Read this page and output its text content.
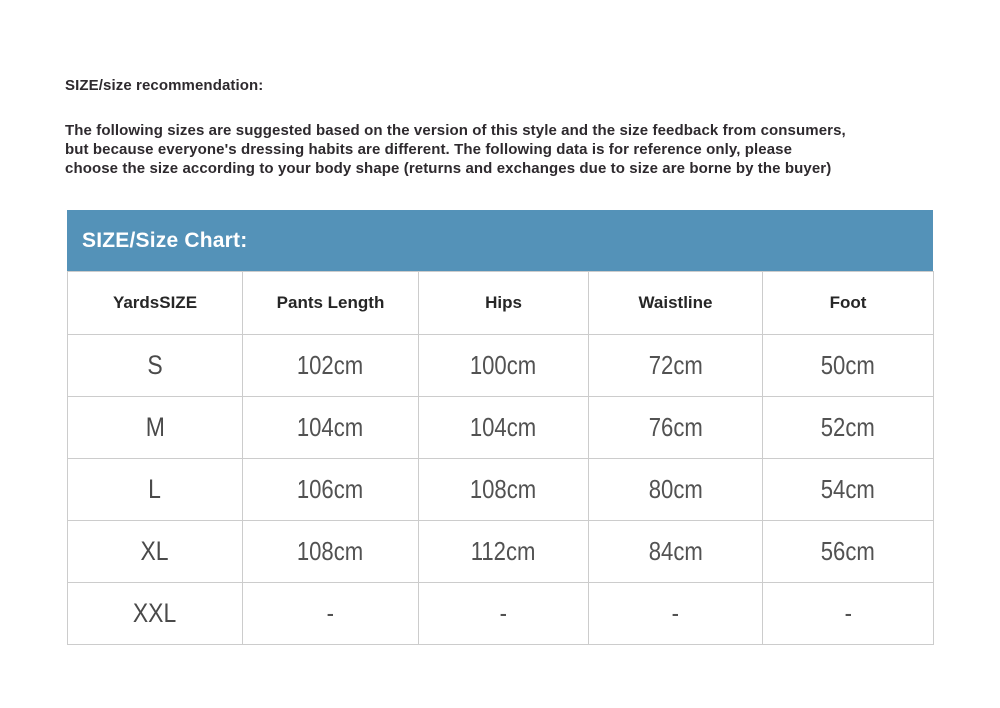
SIZE/size recommendation:
The following sizes are suggested based on the version of this style and the size feedback from consumers,
but because everyone's dressing habits are different. The following data is for reference only, please
choose the size according to your body shape (returns and exchanges due to size are borne by the buyer)
SIZE/Size Chart:
YardsSIZE	Pants Length	Hips	Waistline	Foot
S	102cm	100cm	72cm	50cm
M	104cm	104cm	76cm	52cm
L	106cm	108cm	80cm	54cm
XL	108cm	112cm	84cm	56cm
XXL	-	-	-	-
